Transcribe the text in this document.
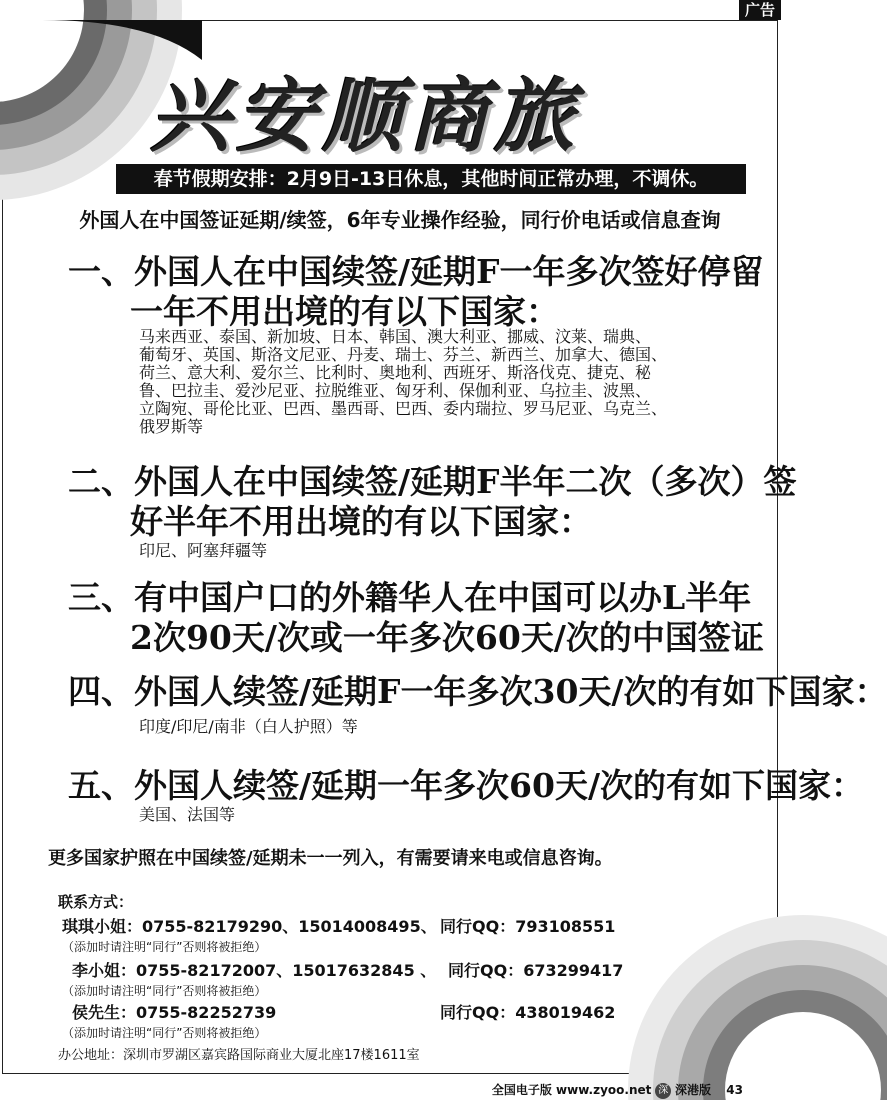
广告
兴安顺商旅
春节假期安排：2月9日-13日休息，其他时间正常办理，不调休。
外国人在中国签证延期/续签，6年专业操作经验，同行价电话或信息查询
一、外国人在中国续签/延期F一年多次签好停留
一年不用出境的有以下国家：
马来西亚、泰国、新加坡、日本、韩国、澳大利亚、挪威、汶莱、瑞典、
葡萄牙、英国、斯洛文尼亚、丹麦、瑞士、芬兰、新西兰、加拿大、德国、
荷兰、意大利、爱尔兰、比利时、奥地利、西班牙、斯洛伐克、捷克、秘
鲁、巴拉圭、爱沙尼亚、拉脱维亚、匈牙利、保伽利亚、乌拉圭、波黑、
立陶宛、哥伦比亚、巴西、墨西哥、巴西、委内瑞拉、罗马尼亚、乌克兰、
俄罗斯等
二、外国人在中国续签/延期F半年二次（多次）签
好半年不用出境的有以下国家：
印尼、阿塞拜疆等
三、有中国户口的外籍华人在中国可以办L半年
2次90天/次或一年多次60天/次的中国签证
四、外国人续签/延期F一年多次30天/次的有如下国家：
印度/印尼/南非（白人护照）等
五、外国人续签/延期一年多次60天/次的有如下国家：
美国、法国等
更多国家护照在中国续签/延期未一一列入，有需要请来电或信息咨询。
联系方式：
琪琪小姐：0755-82179290、15014008495、 同行QQ：793108551
（添加时请注明“同行”否则将被拒绝）
李小姐：0755-82172007、15017632845 、 同行QQ：673299417
（添加时请注明“同行”否则将被拒绝）
侯先生：0755-82252739	同行QQ：438019462
（添加时请注明“同行”否则将被拒绝）
办公地址：深圳市罗湖区嘉宾路国际商业大厦北座17楼1611室
全国电子版 www.zyoo.net 深 深港版 43
